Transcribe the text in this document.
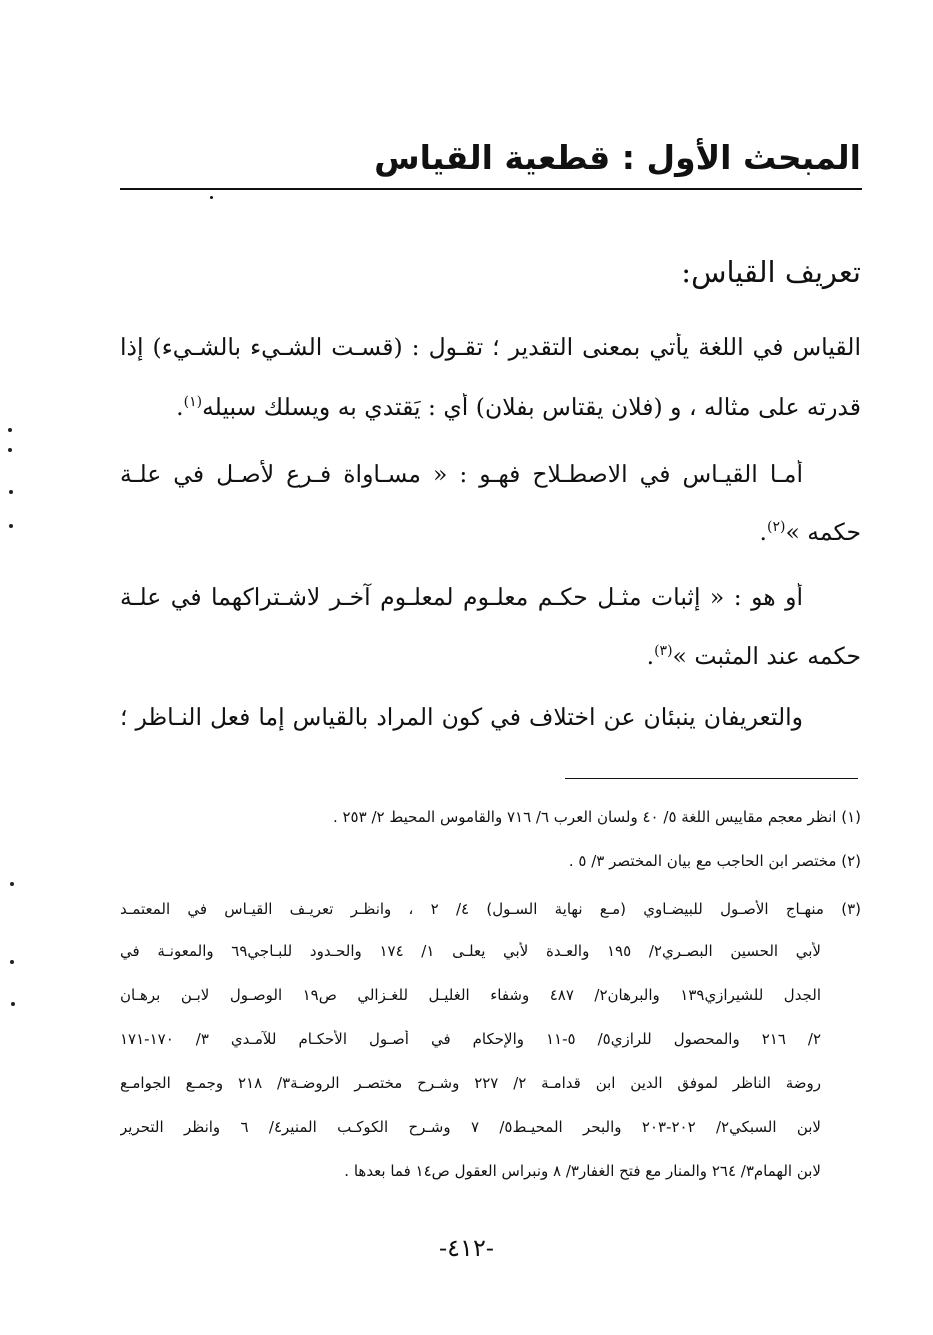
المبحث الأول : قطعية القياس
تعريف القياس:
القياس في اللغة يأتي بمعنى التقدير ؛ تقـول : (قسـت الشـيء بالشـيء) إذا
قدرته على مثاله ، و (فلان يقتاس بفلان) أي : يَقتدي به ويسلك سبيله$^{(١)}$.
أمـا القيـاس في الاصطـلاح فهـو : « مسـاواة فـرع لأصـل في علـة
حكمه »$^{(٢)}$.
أو هو : « إثبات مثـل حكـم معلـوم لمعلـوم آخـر لاشـتراكهما في علـة
حكمه عند المثبت »$^{(٣)}$.
والتعريفان ينبئان عن اختلاف في كون المراد بالقياس إما فعل النـاظر ؛
(١) انظر معجم مقاييس اللغة ٥/ ٤٠ ولسان العرب ٦/ ٧١٦ والقاموس المحيط ٢/ ٢٥٣ .
(٢) مختصر ابن الحاجب مع بيان المختصر ٣/ ٥ .
(٣) منهـاج الأصـول للبيضـاوي (مـع نهاية السـول) ٤/ ٢ ، وانظـر تعريـف القيـاس في المعتمـد
لأبي الحسين البصـري٢/ ١٩٥ والعـدة لأبي يعلـى ١/ ١٧٤ والحـدود للبـاجي٦٩ والمعونـة في
الجدل للشيرازي١٣٩ والبرهان٢/ ٤٨٧ وشفاء الغليـل للغـزالي ص١٩ الوصـول لابـن برهـان
٢/ ٢١٦ والمحصول للرازي٥/ ٥-١١ والإحكام في أصـول الأحكـام للآمـدي ٣/ ١٧٠-١٧١
روضة الناظر لموفق الدين ابن قدامـة ٢/ ٢٢٧ وشـرح مختصـر الروضـة٣/ ٢١٨ وجمـع الجوامـع
لابن السبكي٢/ ٢٠٢-٢٠٣ والبحر المحيـط٥/ ٧ وشـرح الكوكـب المنير٤/ ٦ وانظر التحرير
لابن الهمام٣/ ٢٦٤ والمنار مع فتح الغفار٣/ ٨ ونبراس العقول ص١٤ فما بعدها .
-٤١٢-
